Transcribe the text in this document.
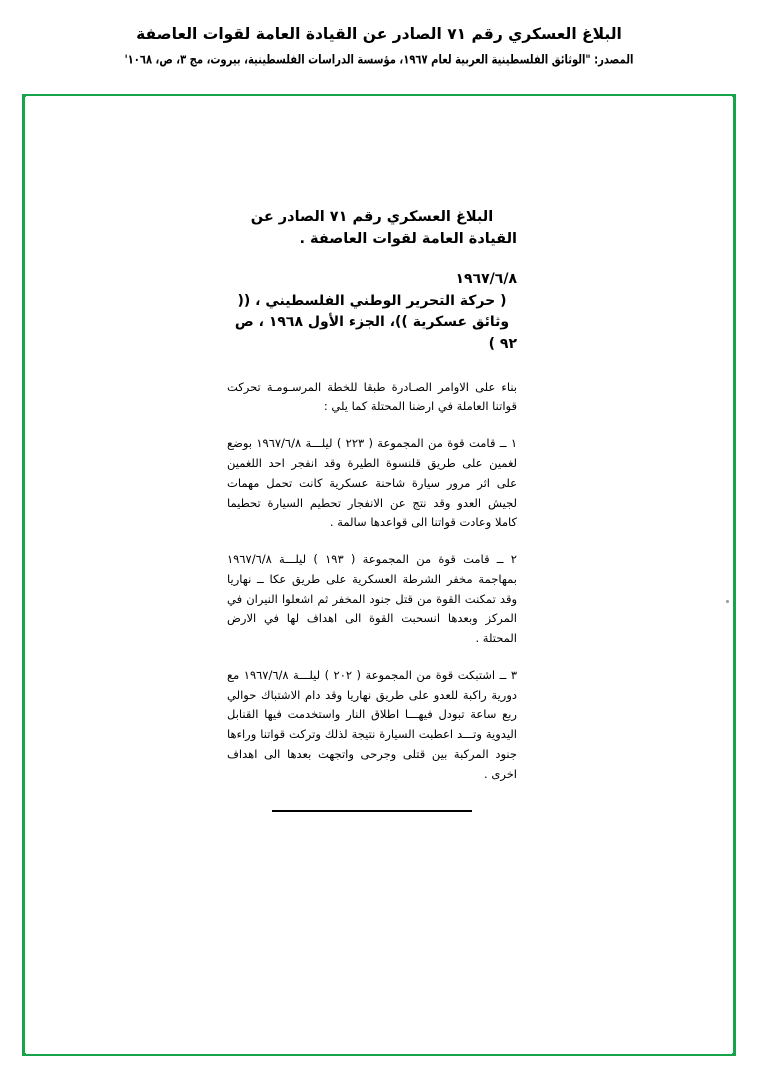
البلاغ العسكري رقم ٧١ الصادر عن القيادة العامة لقوات العاصفة
المصدر: "الوثائق الفلسطينية العربية لعام ١٩٦٧، مؤسسة الدراسات الفلسطينية، بيروت، مج ٣، ص، ١٠٦٨'
البلاغ العسكري رقم ٧١ الصادر عن القيادة العامة لقوات العاصفة .
١٩٦٧/٦/٨
( حركة التحرير الوطني الفلسطيني ، (( وثائق عسكرية ))، الجزء الأول ١٩٦٨ ، ص ٩٢ )

بناء على الاوامر الصـادرة طبقا للخطة المرسـومـة تحركت قواتنا العاملة في ارضنا المحتلة كما يلي :

١ ــ قامت قوة من المجموعة ( ٢٢٣ ) ليلـــة ١٩٦٧/٦/٨ بوضع لغمين على طريق قلنسوة الطيرة وقد انفجر احد اللغمين على اثر مرور سيارة شاحنة عسكرية كانت تحمل مهمات لجيش العدو وقد نتج عن الانفجار تحطيم السيارة تحطيما كاملا وعادت قواتنا الى قواعدها سالمة .

٢ ــ قامت قوة من المجموعة ( ١٩٣ ) ليلـــة ١٩٦٧/٦/٨ بمهاجمة مخفر الشرطة العسكرية على طريق عكا ــ نهاريا وقد تمكنت القوة من قتل جنود المخفر ثم اشعلوا النيران في المركز وبعدها انسحبت القوة الى اهداف لها في الارض المحتلة .

٣ ــ اشتبكت قوة من المجموعة ( ٢٠٢ ) ليلـــة ١٩٦٧/٦/٨ مع دورية راكبة للعدو على طريق نهاريا وقد دام الاشتباك حوالي ربع ساعة تبودل فيهـــا اطلاق النار واستخدمت فيها القنابل اليدوية وتـــد اعطبت السيارة نتيجة لذلك وتركت قواتنا وراءها جنود المركبة بين قتلى وجرحى واتجهت بعدها الى اهداف اخرى .
